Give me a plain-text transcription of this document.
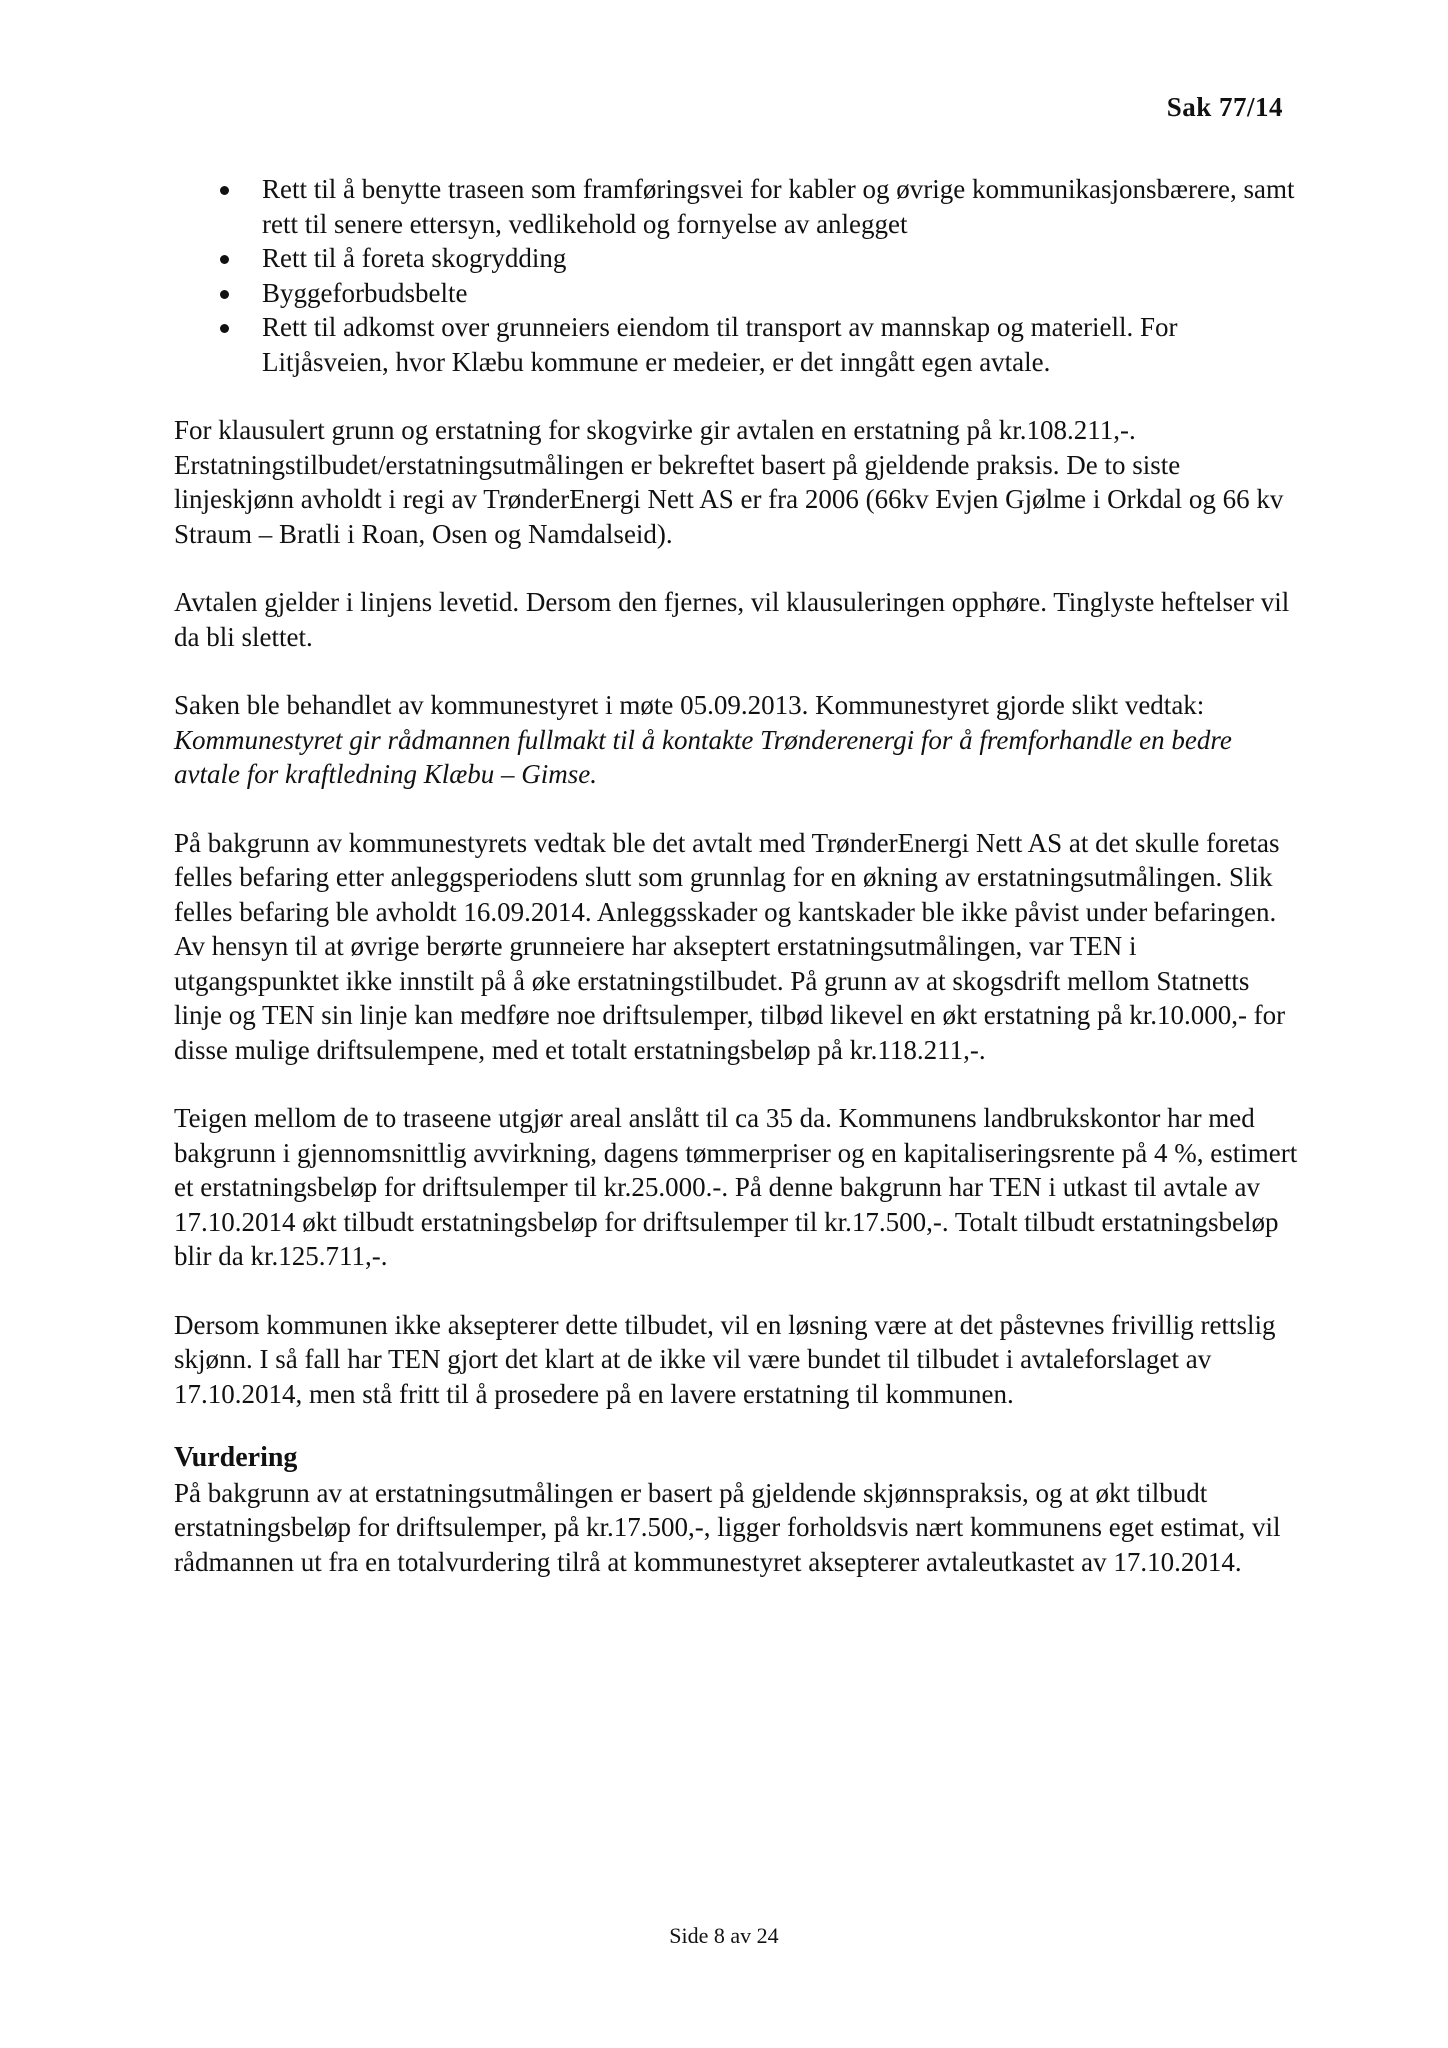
Sak 77/14
Rett til å benytte traseen som framføringsvei for kabler og øvrige kommunikasjonsbærere, samt rett til senere ettersyn, vedlikehold og fornyelse av anlegget
Rett til å foreta skogrydding
Byggeforbudsbelte
Rett til adkomst over grunneiers eiendom til transport av mannskap og materiell. For Litjåsveien, hvor Klæbu kommune er medeier, er det inngått egen avtale.

For klausulert grunn og erstatning for skogvirke gir avtalen en erstatning på kr.108.211,-. Erstatningstilbudet/erstatningsutmålingen er bekreftet basert på gjeldende praksis. De to siste linjeskjønn avholdt i regi av TrønderEnergi Nett AS er fra 2006 (66kv Evjen Gjølme i Orkdal og 66 kv Straum – Bratli i Roan, Osen og Namdalseid).

Avtalen gjelder i linjens levetid. Dersom den fjernes, vil klausuleringen opphøre. Tinglyste heftelser vil da bli slettet.

Saken ble behandlet av kommunestyret i møte 05.09.2013. Kommunestyret gjorde slikt vedtak:

Kommunestyret gir rådmannen fullmakt til å kontakte Trønderenergi for å fremforhandle en bedre avtale for kraftledning Klæbu – Gimse.

På bakgrunn av kommunestyrets vedtak ble det avtalt med TrønderEnergi Nett AS at det skulle foretas felles befaring etter anleggsperiodens slutt som grunnlag for en økning av erstatningsutmålingen. Slik felles befaring ble avholdt 16.09.2014. Anleggsskader og kantskader ble ikke påvist under befaringen. Av hensyn til at øvrige berørte grunneiere har akseptert erstatningsutmålingen, var TEN i utgangspunktet ikke innstilt på å øke erstatningstilbudet. På grunn av at skogsdrift mellom Statnetts linje og TEN sin linje kan medføre noe driftsulemper, tilbød likevel en økt erstatning på kr.10.000,- for disse mulige driftsulempene, med et totalt erstatningsbeløp på kr.118.211,-.

Teigen mellom de to traseene utgjør areal anslått til ca 35 da. Kommunens landbrukskontor har med bakgrunn i gjennomsnittlig avvirkning, dagens tømmerpriser og en kapitaliseringsrente på 4 %, estimert et erstatningsbeløp for driftsulemper til kr.25.000.-. På denne bakgrunn har TEN i utkast til avtale av 17.10.2014 økt tilbudt erstatningsbeløp for driftsulemper til kr.17.500,-. Totalt tilbudt erstatningsbeløp blir da kr.125.711,-.

Dersom kommunen ikke aksepterer dette tilbudet, vil en løsning være at det påstevnes frivillig rettslig skjønn. I så fall har TEN gjort det klart at de ikke vil være bundet til tilbudet i avtaleforslaget av 17.10.2014, men stå fritt til å prosedere på en lavere erstatning til kommunen.

Vurdering

På bakgrunn av at erstatningsutmålingen er basert på gjeldende skjønnspraksis, og at økt tilbudt erstatningsbeløp for driftsulemper, på kr.17.500,-, ligger forholdsvis nært kommunens eget estimat, vil rådmannen ut fra en totalvurdering tilrå at kommunestyret aksepterer avtaleutkastet av 17.10.2014.

Side 8 av 24
